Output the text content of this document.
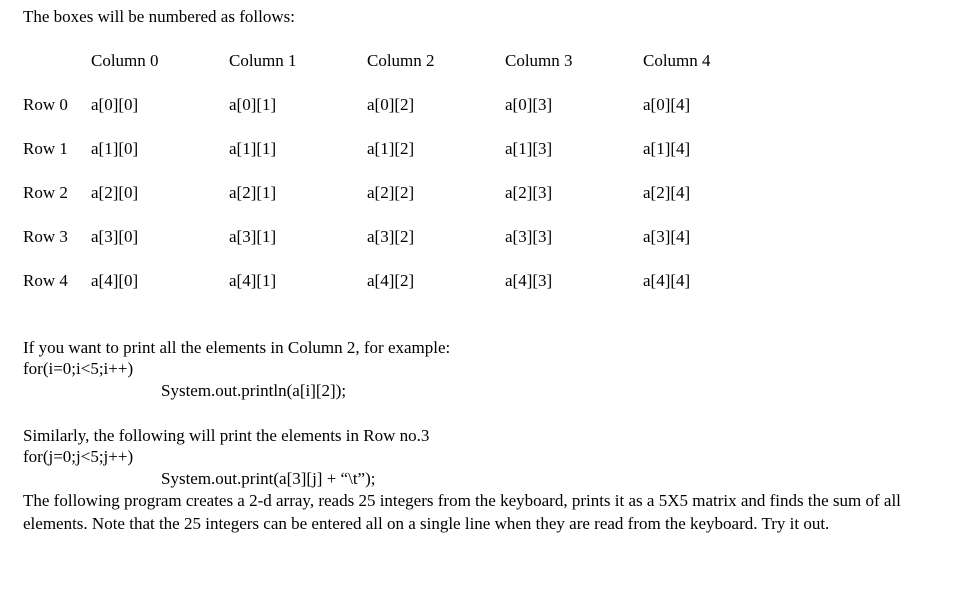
The boxes will be numbered as follows:
Column 0	Column 1	Column 2	Column 3	Column 4
Row 0 a[0][0]	a[0][1]	a[0][2]	a[0][3]	a[0][4]
Row 1 a[1][0]	a[1][1]	a[1][2]	a[1][3]	a[1][4]
Row 2 a[2][0]	a[2][1]	a[2][2]	a[2][3]	a[2][4]
Row 3 a[3][0]	a[3][1]	a[3][2]	a[3][3]	a[3][4]
Row 4 a[4][0]	a[4][1]	a[4][2]	a[4][3]	a[4][4]
If you want to print all the elements in Column 2, for example:
for(i=0;i<5;i++)
System.out.println(a[i][2]);
Similarly, the following will print the elements in Row no.3
for(j=0;j<5;j++)
System.out.print(a[3][j] + “\t”);
The following program creates a 2-d array, reads 25 integers from the keyboard, prints it as a 5X5 matrix and finds the sum of all elements. Note that the 25 integers can be entered all on a single line when they are read from the keyboard. Try it out.
